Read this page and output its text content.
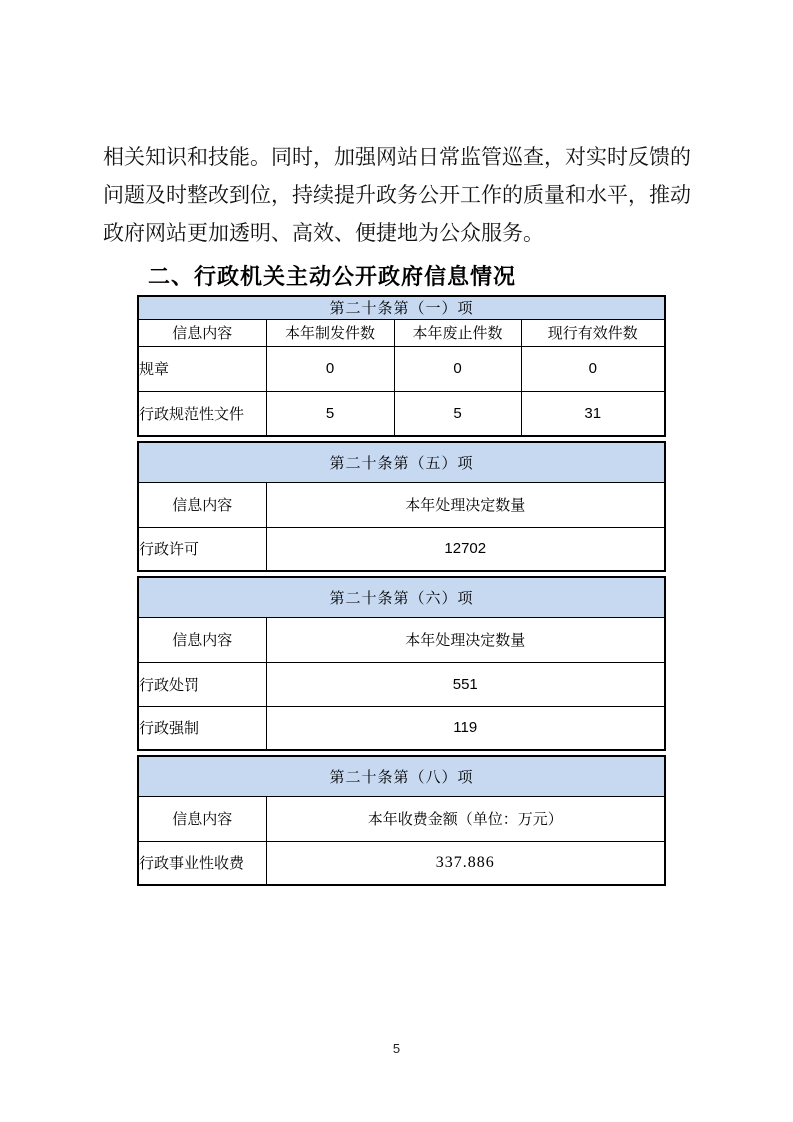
相关知识和技能。同时，加强网站日常监管巡查，对实时反馈的问题及时整改到位，持续提升政务公开工作的质量和水平，推动政府网站更加透明、高效、便捷地为公众服务。

二、行政机关主动公开政府信息情况
第二十条第（一）项			
信息内容	本年制发件数	本年废止件数	现行有效件数
规章	0	0	0
行政规范性文件	5	5	31
第二十条第（五）项	
信息内容	本年处理决定数量
行政许可	12702
第二十条第（六）项	
信息内容	本年处理决定数量
行政处罚	551
行政强制	119
第二十条第（八）项	
信息内容	本年收费金额（单位：万元）
行政事业性收费	337.886
5
